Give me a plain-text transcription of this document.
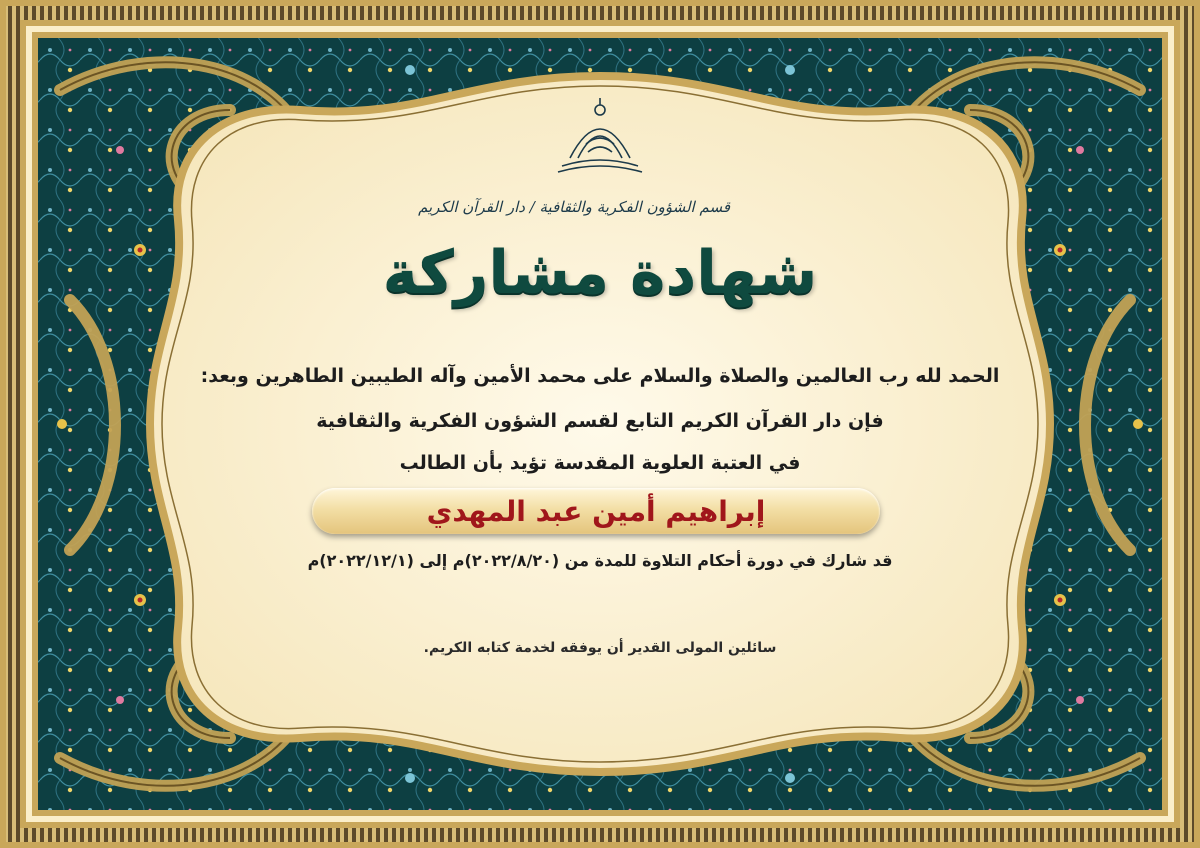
قسم الشؤون الفكرية والثقافية / دار القرآن الكريم
شهادة مشاركة
الحمد لله رب العالمين والصلاة والسلام على محمد الأمين وآله الطيبين الطاهرين وبعد:
فإن دار القرآن الكريم التابع لقسم الشؤون الفكرية والثقافية
في العتبة العلوية المقدسة تؤيد بأن الطالب
إبراهيم أمين عبد المهدي
قد شارك في دورة أحكام التلاوة للمدة من (٢٠٢٢/٨/٢٠)م إلى (٢٠٢٢/١٢/١)م
سائلين المولى القدير أن يوفقه لخدمة كتابه الكريم.
